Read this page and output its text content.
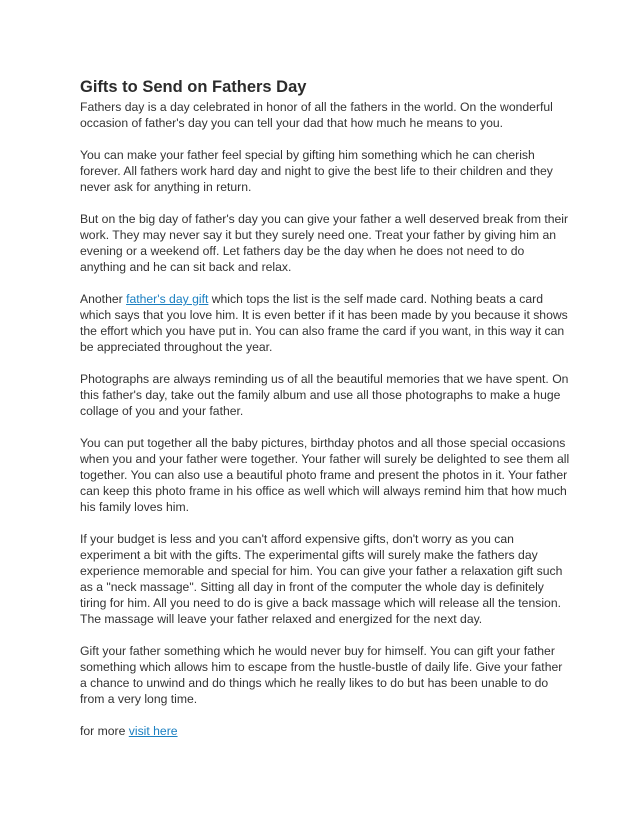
Gifts to Send on Fathers Day

Fathers day is a day celebrated in honor of all the fathers in the world. On the wonderful occasion of father's day you can tell your dad that how much he means to you.

You can make your father feel special by gifting him something which he can cherish forever. All fathers work hard day and night to give the best life to their children and they never ask for anything in return.

But on the big day of father's day you can give your father a well deserved break from their work. They may never say it but they surely need one. Treat your father by giving him an evening or a weekend off. Let fathers day be the day when he does not need to do anything and he can sit back and relax.

Another father's day gift which tops the list is the self made card. Nothing beats a card which says that you love him. It is even better if it has been made by you because it shows the effort which you have put in. You can also frame the card if you want, in this way it can be appreciated throughout the year.

Photographs are always reminding us of all the beautiful memories that we have spent. On this father's day, take out the family album and use all those photographs to make a huge collage of you and your father.

You can put together all the baby pictures, birthday photos and all those special occasions when you and your father were together. Your father will surely be delighted to see them all together. You can also use a beautiful photo frame and present the photos in it. Your father can keep this photo frame in his office as well which will always remind him that how much his family loves him.

If your budget is less and you can't afford expensive gifts, don't worry as you can experiment a bit with the gifts. The experimental gifts will surely make the fathers day experience memorable and special for him. You can give your father a relaxation gift such as a "neck massage". Sitting all day in front of the computer the whole day is definitely tiring for him. All you need to do is give a back massage which will release all the tension. The massage will leave your father relaxed and energized for the next day.

Gift your father something which he would never buy for himself. You can gift your father something which allows him to escape from the hustle-bustle of daily life. Give your father a chance to unwind and do things which he really likes to do but has been unable to do from a very long time.

for more visit here
